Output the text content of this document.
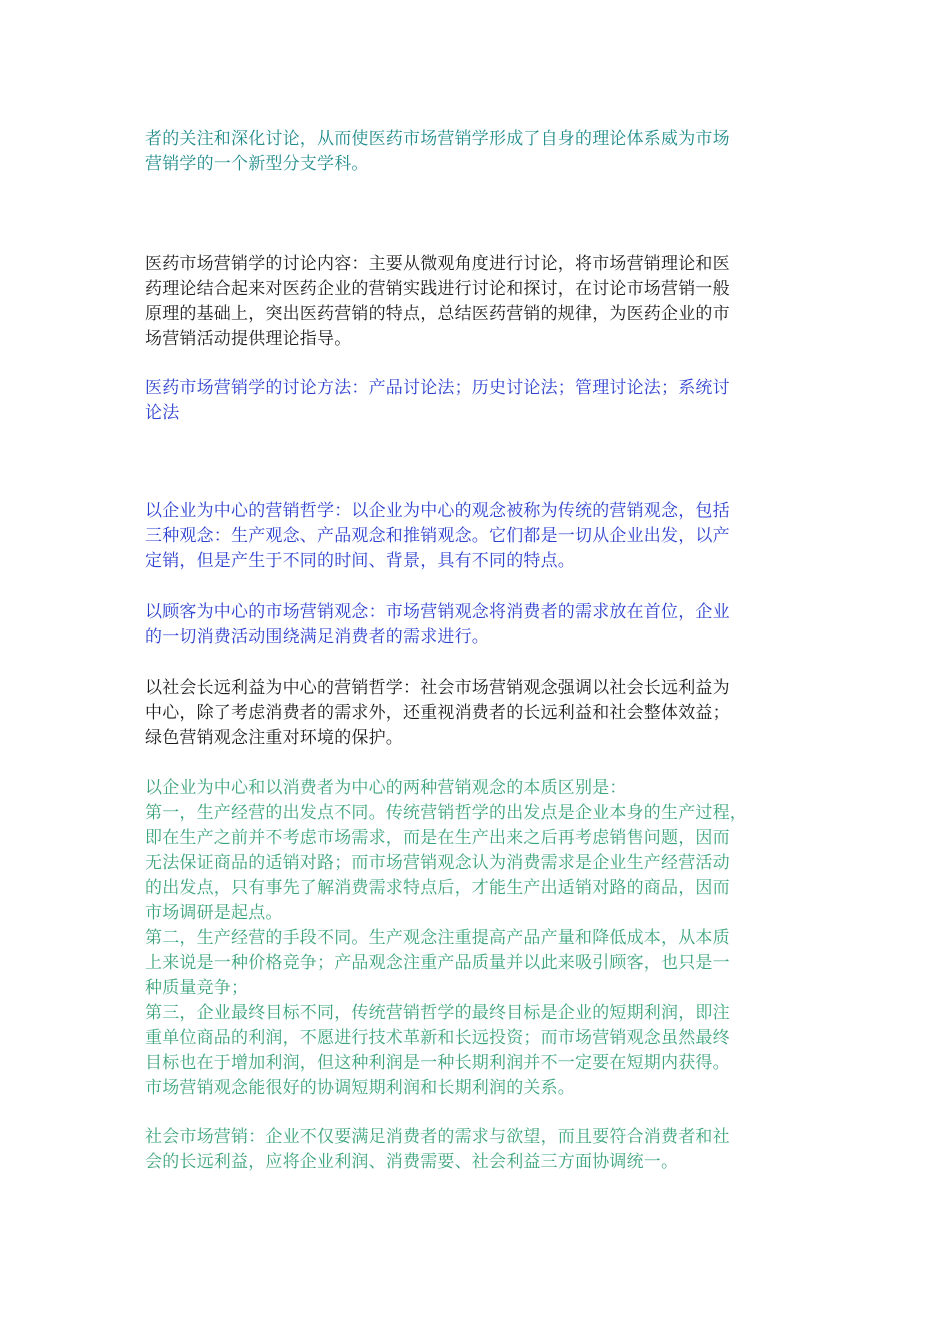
者的关注和深化讨论，从而使医药市场营销学形成了自身的理论体系威为市场
营销学的一个新型分支学科。

医药市场营销学的讨论内容：主要从微观角度进行讨论，将市场营销理论和医
药理论结合起来对医药企业的营销实践进行讨论和探讨，在讨论市场营销一般
原理的基础上，突出医药营销的特点，总结医药营销的规律，为医药企业的市
场营销活动提供理论指导。

医药市场营销学的讨论方法：产品讨论法；历史讨论法；管理讨论法；系统讨
论法

以企业为中心的营销哲学：以企业为中心的观念被称为传统的营销观念，包括
三种观念：生产观念、产品观念和推销观念。它们都是一切从企业出发，以产
定销，但是产生于不同的时间、背景，具有不同的特点。

以顾客为中心的市场营销观念：市场营销观念将消费者的需求放在首位，企业
的一切消费活动围绕满足消费者的需求进行。

以社会长远利益为中心的营销哲学：社会市场营销观念强调以社会长远利益为
中心，除了考虑消费者的需求外，还重视消费者的长远利益和社会整体效益；
绿色营销观念注重对环境的保护。

以企业为中心和以消费者为中心的两种营销观念的本质区别是：
第一，生产经营的出发点不同。传统营销哲学的出发点是企业本身的生产过程，
即在生产之前并不考虑市场需求，而是在生产出来之后再考虑销售问题，因而
无法保证商品的适销对路；而市场营销观念认为消费需求是企业生产经营活动
的出发点，只有事先了解消费需求特点后，才能生产出适销对路的商品，因而
市场调研是起点。
第二，生产经营的手段不同。生产观念注重提高产品产量和降低成本，从本质
上来说是一种价格竞争；产品观念注重产品质量并以此来吸引顾客，也只是一
种质量竞争；
第三，企业最终目标不同，传统营销哲学的最终目标是企业的短期利润，即注
重单位商品的利润，不愿进行技术革新和长远投资；而市场营销观念虽然最终
目标也在于增加利润，但这种利润是一种长期利润并不一定要在短期内获得。
市场营销观念能很好的协调短期利润和长期利润的关系。

社会市场营销：企业不仅要满足消费者的需求与欲望，而且要符合消费者和社
会的长远利益，应将企业利润、消费需要、社会利益三方面协调统一。
